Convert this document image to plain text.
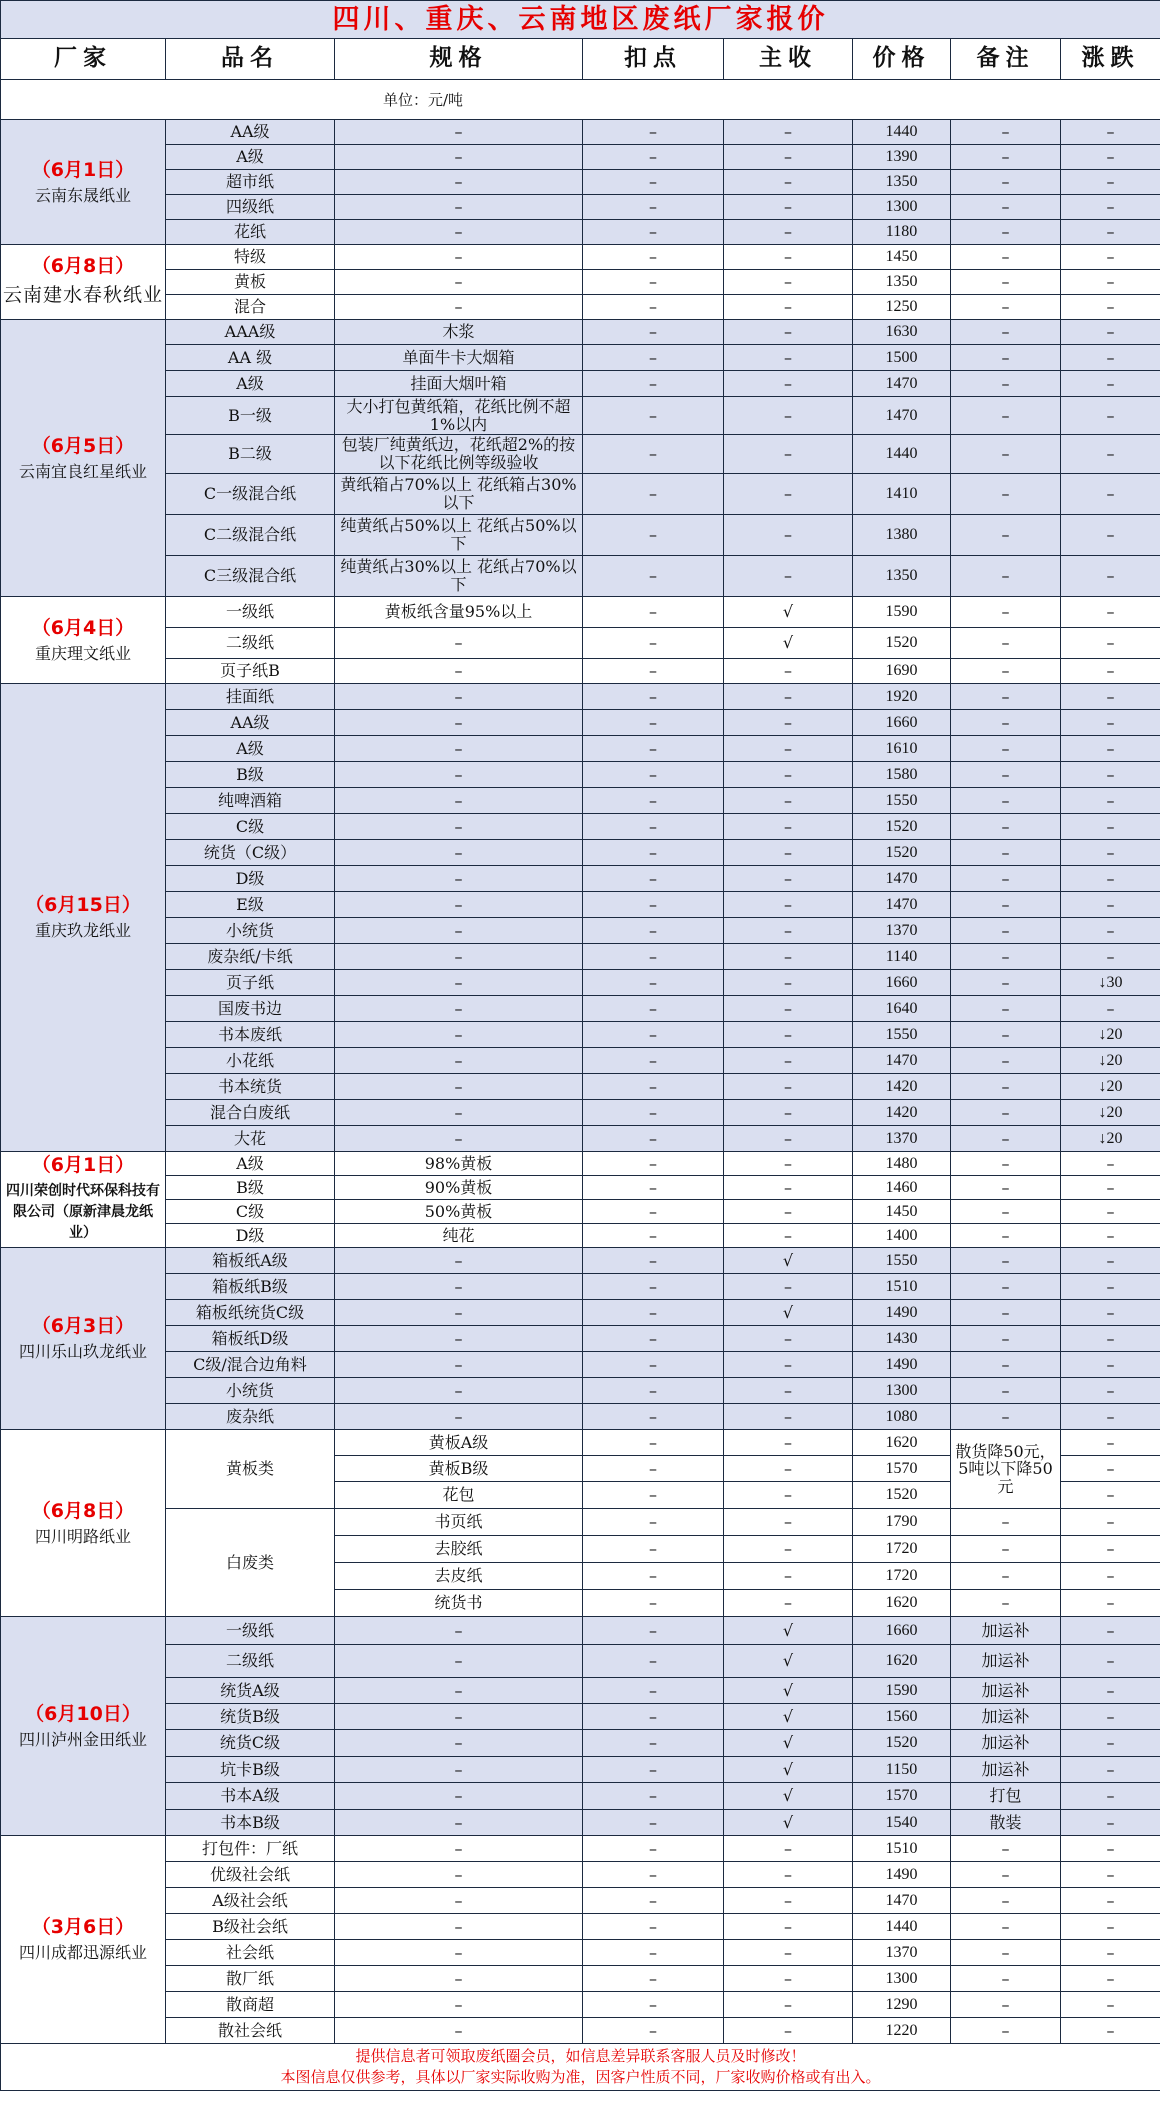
四川、重庆、云南地区废纸厂家报价							
厂家	品名	规格	扣点	主收	价格	备注	涨跌
单位：元/吨							

（6月1日）
云南东晟纸业	AA级	–	–	–	1440	–	–
	A级	–	–	–	1390	–	–
	超市纸	–	–	–	1350	–	–
	四级纸	–	–	–	1300	–	–
	花纸	–	–	–	1180	–	–

（6月8日）
云南建水春秋纸业	特级	–	–	–	1450	–	–
	黄板	–	–	–	1350	–	–
	混合	–	–	–	1250	–	–

（6月5日）
云南宜良红星纸业	AAA级	木浆	–	–	1630	–	–
	AA 级	单面牛卡大烟箱	–	–	1500	–	–
	A级	挂面大烟叶箱	–	–	1470	–	–
	B一级	大小打包黄纸箱，花纸比例不超1%以内	–	–	1470	–	–
	B二级	包装厂纯黄纸边，花纸超2%的按以下花纸比例等级验收	–	–	1440	–	–
	C一级混合纸	黄纸箱占70%以上 花纸箱占30%以下	–	–	1410	–	–
	C二级混合纸	纯黄纸占50%以上 花纸占50%以下	–	–	1380	–	–
	C三级混合纸	纯黄纸占30%以上 花纸占70%以下	–	–	1350	–	–

（6月4日）
重庆理文纸业	一级纸	黄板纸含量95%以上	–	√	1590	–	–
	二级纸	–	–	√	1520	–	–
	页子纸B	–	–	–	1690	–	–

（6月15日）
重庆玖龙纸业	挂面纸	–	–	–	1920	–	–
	AA级	–	–	–	1660	–	–
	A级	–	–	–	1610	–	–
	B级	–	–	–	1580	–	–
	纯啤酒箱	–	–	–	1550	–	–
	C级	–	–	–	1520	–	–
	统货（C级）	–	–	–	1520	–	–
	D级	–	–	–	1470	–	–
	E级	–	–	–	1470	–	–
	小统货	–	–	–	1370	–	–
	废杂纸/卡纸	–	–	–	1140	–	–
	页子纸	–	–	–	1660	–	↓30
	国废书边	–	–	–	1640	–	–
	书本废纸	–	–	–	1550	–	↓20
	小花纸	–	–	–	1470	–	↓20
	书本统货	–	–	–	1420	–	↓20
	混合白废纸	–	–	–	1420	–	↓20
	大花	–	–	–	1370	–	↓20

（6月1日）
四川荣创时代环保科技有限公司（原新津晨龙纸业）	A级	98%黄板	–	–	1480	–	–
	B级	90%黄板	–	–	1460	–	–
	C级	50%黄板	–	–	1450	–	–
	D级	纯花	–	–	1400	–	–

（6月3日）
四川乐山玖龙纸业	箱板纸A级	–	–	√	1550	–	–
	箱板纸B级	–	–	–	1510	–	–
	箱板纸统货C级	–	–	√	1490	–	–
	箱板纸D级	–	–	–	1430	–	–
	C级/混合边角料	–	–	–	1490	–	–
	小统货	–	–	–	1300	–	–
	废杂纸	–	–	–	1080	–	–

（6月8日）
四川明路纸业	黄板类	黄板A级	–	–	1620	散货降50元，5吨以下降50元	–
		黄板B级	–	–	1570		–
		花包	–	–	1520		–
	白废类	书页纸	–	–	1790	–	–
		去胶纸	–	–	1720	–	–
		去皮纸	–	–	1720	–	–
		统货书	–	–	1620	–	–

（6月10日）
四川泸州金田纸业	一级纸	–	–	√	1660	加运补	–
	二级纸	–	–	√	1620	加运补	–
	统货A级	–	–	√	1590	加运补	–
	统货B级	–	–	√	1560	加运补	–
	统货C级	–	–	√	1520	加运补	–
	坑卡B级	–	–	√	1150	加运补	–
	书本A级	–	–	√	1570	打包	–
	书本B级	–	–	√	1540	散装	–

（3月6日）
四川成都迅源纸业	打包件：厂纸	–	–	–	1510	–	–
	优级社会纸	–	–	–	1490	–	–
	A级社会纸	–	–	–	1470	–	–
	B级社会纸	–	–	–	1440	–	–
	社会纸	–	–	–	1370	–	–
	散厂纸	–	–	–	1300	–	–
	散商超	–	–	–	1290	–	–
	散社会纸	–	–	–	1220	–	–

提供信息者可领取废纸圈会员，如信息差异联系客服人员及时修改！
本图信息仅供参考，具体以厂家实际收购为准，因客户性质不同，厂家收购价格或有出入。							
